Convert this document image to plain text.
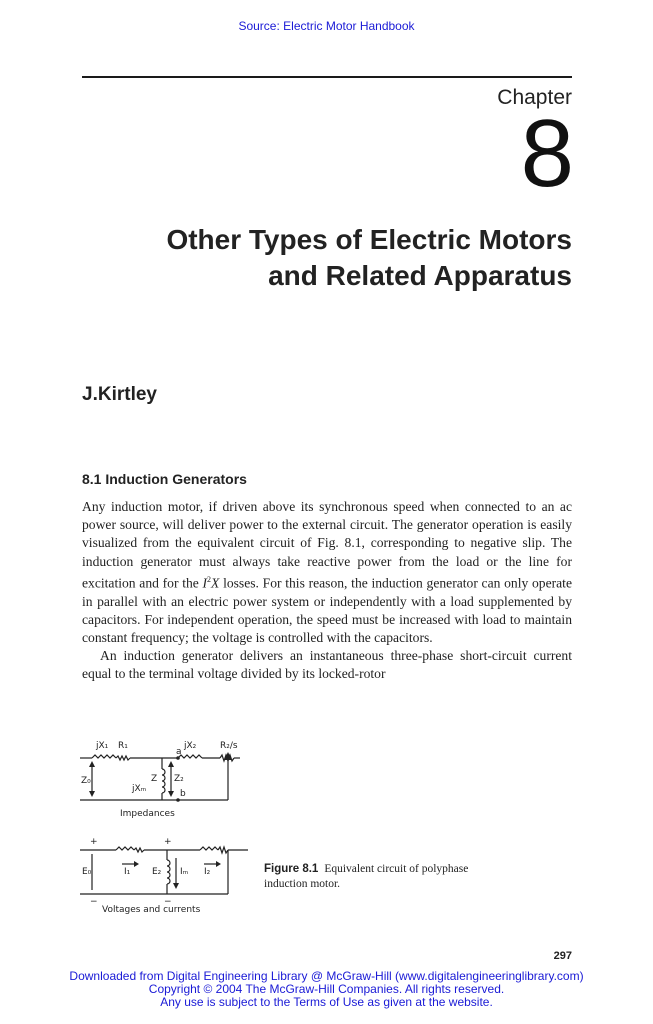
Source: Electric Motor Handbook
Chapter
8
Other Types of Electric Motors
and Related Apparatus
J.Kirtley
8.1 Induction Generators

Any induction motor, if driven above its synchronous speed when connected to an ac power source, will deliver power to the external circuit. The generator operation is easily visualized from the equivalent circuit of Fig. 8.1, corresponding to negative slip. The induction generator must always take reactive power from the load or the line for excitation and for the $I^2X$ losses. For this reason, the induction generator can only operate in parallel with an electric power system or independently with a load supplemented by capacitors. For independent operation, the speed must be increased with load to maintain constant frequency; the voltage is controlled with the capacitors.

An induction generator delivers an instantaneous three-phase short-circuit current equal to the terminal voltage divided by its locked-rotor

jX₁ R₁
a
jX₂	R₂/s
Z₀
jXₘ
Z Z₂
b
Impedances
+	+
−	−
E₀	I₁ E₂ Iₘ I₂
Voltages and currents
Figure 8.1 Equivalent circuit of polyphase induction motor.
297
Downloaded from Digital Engineering Library @ McGraw-Hill (www.digitalengineeringlibrary.com)
Copyright © 2004 The McGraw-Hill Companies. All rights reserved.
Any use is subject to the Terms of Use as given at the website.
